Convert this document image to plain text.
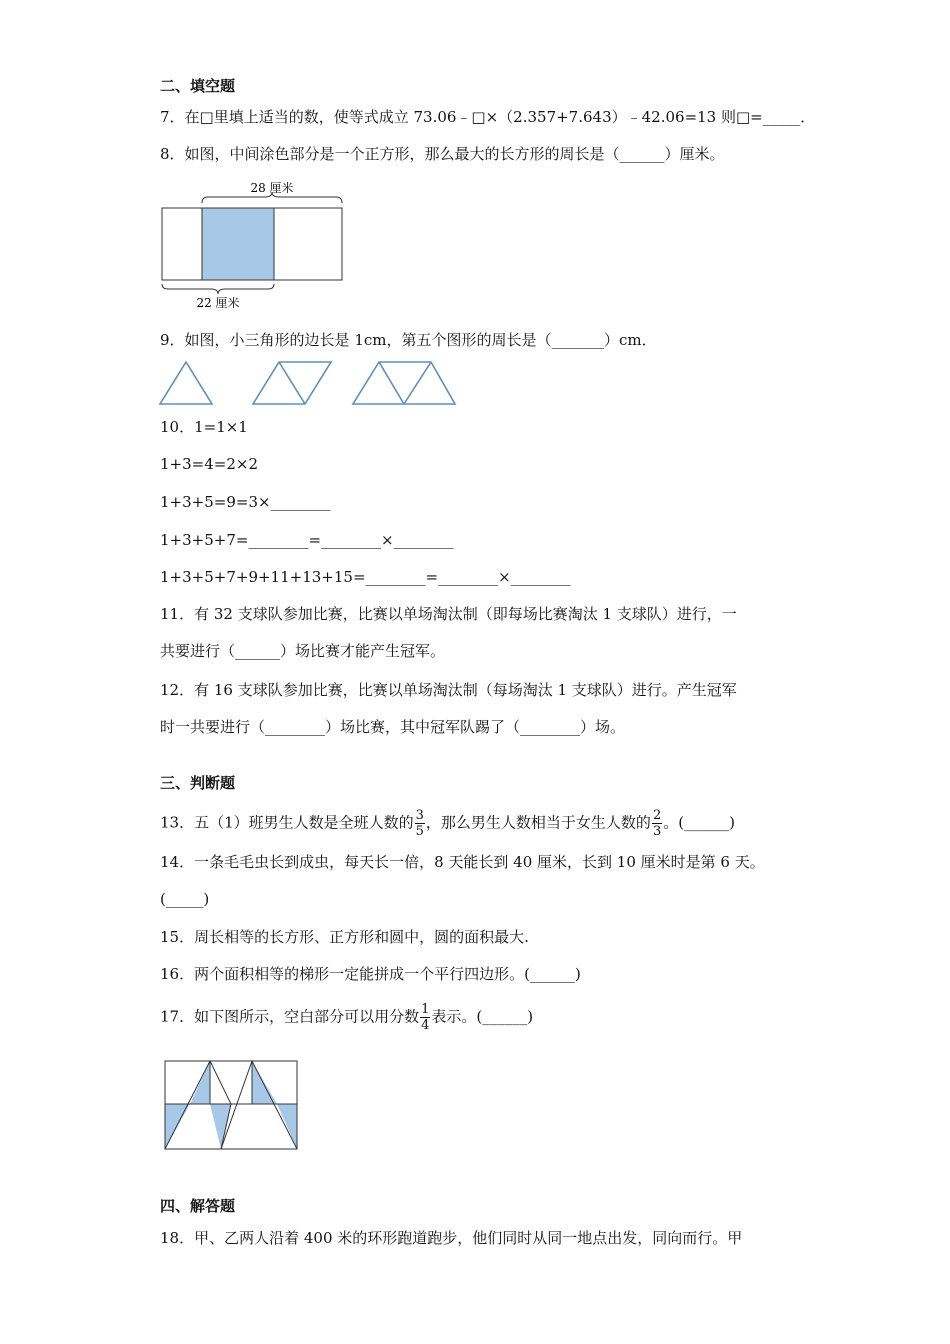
二、填空题
7．在□里填上适当的数，使等式成立 73.06﹣□×（2.357+7.643）﹣42.06=13 则□=_____．
8．如图，中间涂色部分是一个正方形，那么最大的长方形的周长是（______）厘米。
28 厘米
22 厘米
9．如图，小三角形的边长是 1cm，第五个图形的周长是（_______）cm．
10．1=1×1
1+3=4=2×2
1+3+5=9=3×________
1+3+5+7=________=________×________
1+3+5+7+9+11+13+15=________=________×________
11．有 32 支球队参加比赛，比赛以单场淘汰制（即每场比赛淘汰 1 支球队）进行，一
共要进行（______）场比赛才能产生冠军。
12．有 16 支球队参加比赛，比赛以单场淘汰制（每场淘汰 1 支球队）进行。产生冠军
时一共要进行（________）场比赛，其中冠军队踢了（________）场。
三、判断题
13．五（1）班男生人数是全班人数的 $\frac{3}{5}$ ，那么男生人数相当于女生人数的 $\frac{2}{3}$ 。(______)
14．一条毛毛虫长到成虫，每天长一倍，8 天能长到 40 厘米，长到 10 厘米时是第 6 天。
(_____)
15．周长相等的长方形、正方形和圆中，圆的面积最大.
16．两个面积相等的梯形一定能拼成一个平行四边形。(______)
17．如下图所示，空白部分可以用分数 $\frac{1}{4}$ 表示。(______)
四、解答题
18．甲、乙两人沿着 400 米的环形跑道跑步，他们同时从同一地点出发，同向而行。甲
